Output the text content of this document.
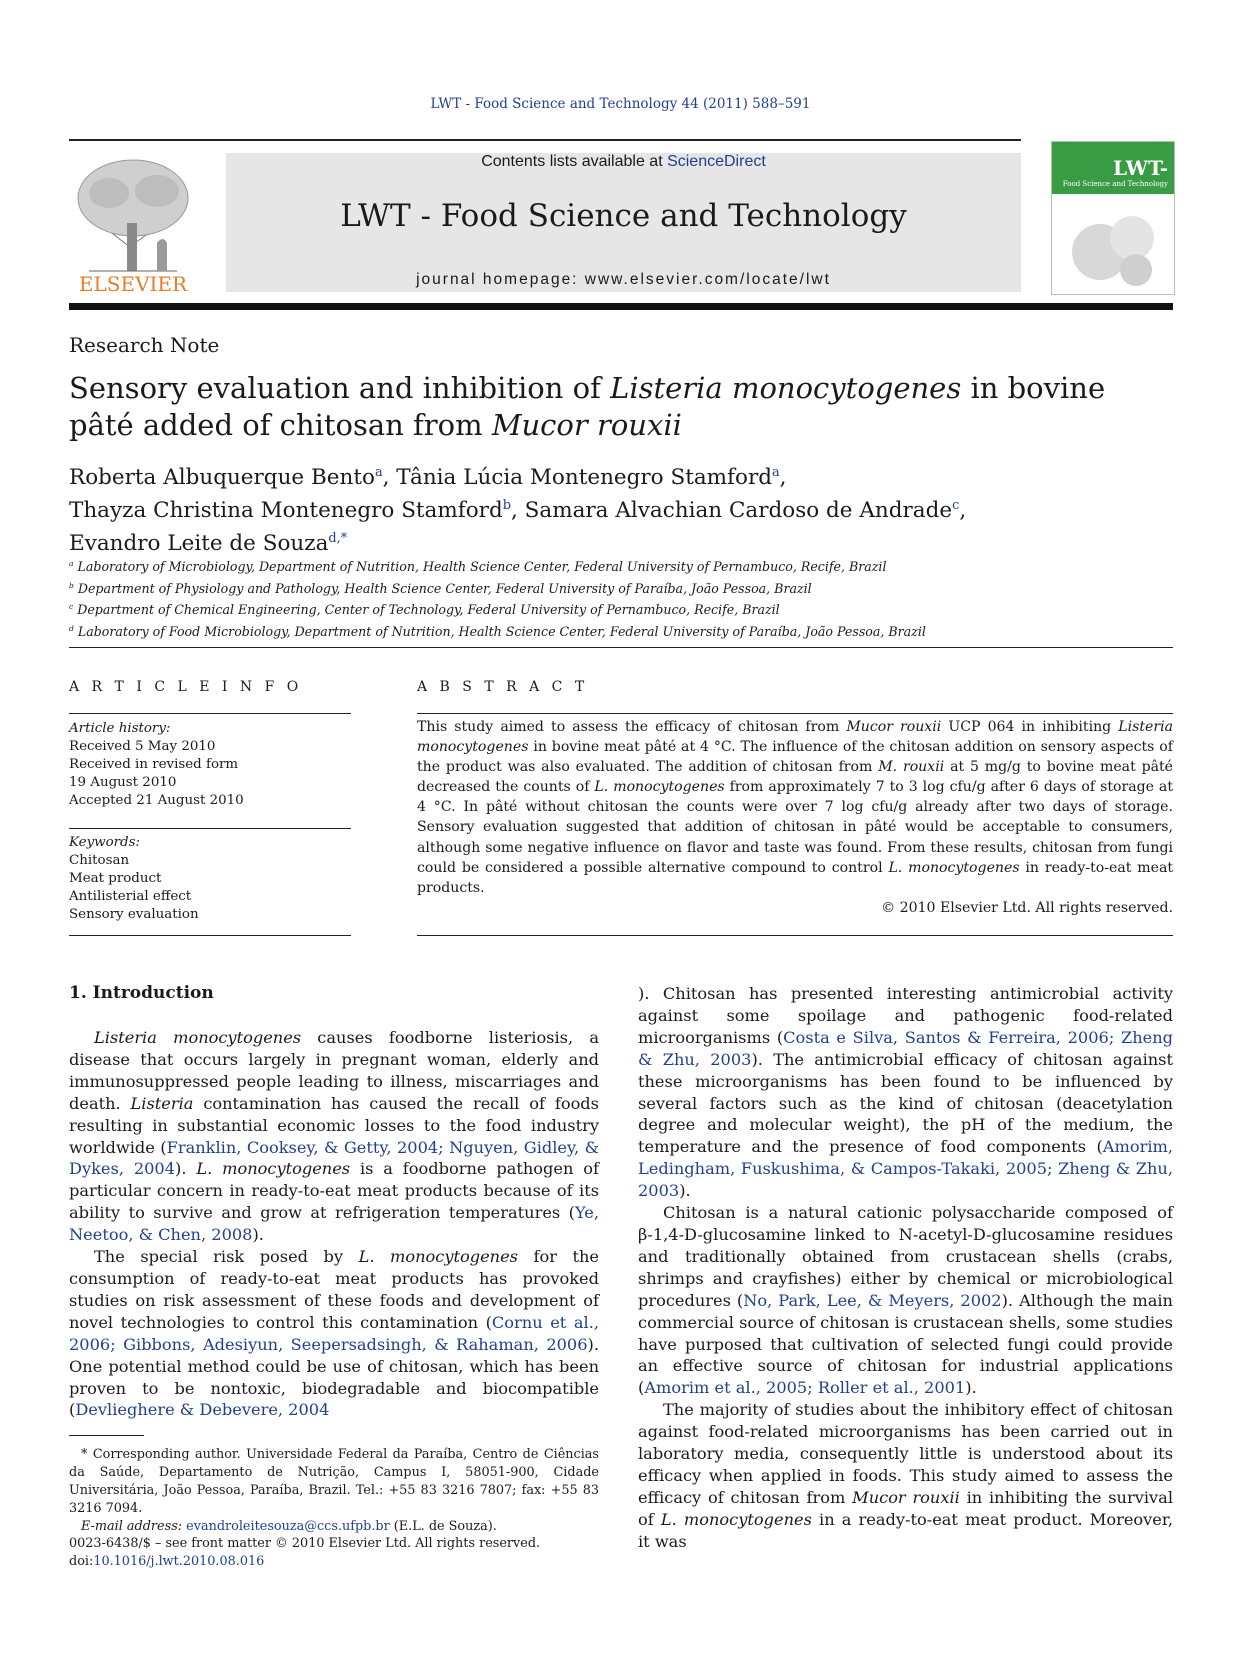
LWT - Food Science and Technology 44 (2011) 588–591
ELSEVIER
Contents lists available at ScienceDirect
LWT - Food Science and Technology
journal homepage: www.elsevier.com/locate/lwt
LWT-
Food Science and Technology
Research Note
Sensory evaluation and inhibition of Listeria monocytogenes in bovine pâté added of chitosan from Mucor rouxii
Roberta Albuquerque Bento$^a$, Tânia Lúcia Montenegro Stamford$^a$,
Thayza Christina Montenegro Stamford$^b$, Samara Alvachian Cardoso de Andrade$^c$,
Evandro Leite de Souza$^{d,*}$
$^a$ Laboratory of Microbiology, Department of Nutrition, Health Science Center, Federal University of Pernambuco, Recife, Brazil
$^b$ Department of Physiology and Pathology, Health Science Center, Federal University of Paraíba, João Pessoa, Brazil
$^c$ Department of Chemical Engineering, Center of Technology, Federal University of Pernambuco, Recife, Brazil
$^d$ Laboratory of Food Microbiology, Department of Nutrition, Health Science Center, Federal University of Paraíba, João Pessoa, Brazil
A R T I C L E I N F O
Article history:
Received 5 May 2010
Received in revised form
19 August 2010
Accepted 21 August 2010
Keywords:
Chitosan
Meat product
Antilisterial effect
Sensory evaluation
A B S T R A C T
This study aimed to assess the efficacy of chitosan from Mucor rouxii UCP 064 in inhibiting Listeria monocytogenes in bovine meat pâté at 4 °C. The influence of the chitosan addition on sensory aspects of the product was also evaluated. The addition of chitosan from M. rouxii at 5 mg/g to bovine meat pâté decreased the counts of L. monocytogenes from approximately 7 to 3 log cfu/g after 6 days of storage at 4 °C. In pâté without chitosan the counts were over 7 log cfu/g already after two days of storage. Sensory evaluation suggested that addition of chitosan in pâté would be acceptable to consumers, although some negative influence on flavor and taste was found. From these results, chitosan from fungi could be considered a possible alternative compound to control L. monocytogenes in ready-to-eat meat products.
© 2010 Elsevier Ltd. All rights reserved.
1. Introduction

Listeria monocytogenes causes foodborne listeriosis, a disease that occurs largely in pregnant woman, elderly and immunosuppressed people leading to illness, miscarriages and death. Listeria contamination has caused the recall of foods resulting in substantial economic losses to the food industry worldwide (Franklin, Cooksey, & Getty, 2004; Nguyen, Gidley, & Dykes, 2004). L. monocytogenes is a foodborne pathogen of particular concern in ready-to-eat meat products because of its ability to survive and grow at refrigeration temperatures (Ye, Neetoo, & Chen, 2008).

The special risk posed by L. monocytogenes for the consumption of ready-to-eat meat products has provoked studies on risk assessment of these foods and development of novel technologies to control this contamination (Cornu et al., 2006; Gibbons, Adesiyun, Seepersadsingh, & Rahaman, 2006). One potential method could be use of chitosan, which has been proven to be nontoxic, biodegradable and biocompatible (Devlieghere & Debevere, 2004

). Chitosan has presented interesting antimicrobial activity against some spoilage and pathogenic food-related microorganisms (Costa e Silva, Santos & Ferreira, 2006; Zheng & Zhu, 2003). The antimicrobial efficacy of chitosan against these microorganisms has been found to be influenced by several factors such as the kind of chitosan (deacetylation degree and molecular weight), the pH of the medium, the temperature and the presence of food components (Amorim, Ledingham, Fuskushima, & Campos-Takaki, 2005; Zheng & Zhu, 2003).

Chitosan is a natural cationic polysaccharide composed of β-1,4-D-glucosamine linked to N-acetyl-D-glucosamine residues and traditionally obtained from crustacean shells (crabs, shrimps and crayfishes) either by chemical or microbiological procedures (No, Park, Lee, & Meyers, 2002). Although the main commercial source of chitosan is crustacean shells, some studies have purposed that cultivation of selected fungi could provide an effective source of chitosan for industrial applications (Amorim et al., 2005; Roller et al., 2001).

The majority of studies about the inhibitory effect of chitosan against food-related microorganisms has been carried out in laboratory media, consequently little is understood about its efficacy when applied in foods. This study aimed to assess the efficacy of chitosan from Mucor rouxii in inhibiting the survival of L. monocytogenes in a ready-to-eat meat product. Moreover, it was

* Corresponding author. Universidade Federal da Paraíba, Centro de Ciências da Saúde, Departamento de Nutrição, Campus I, 58051-900, Cidade Universitária, João Pessoa, Paraíba, Brazil. Tel.: +55 83 3216 7807; fax: +55 83 3216 7094.

E-mail address: evandroleitesouza@ccs.ufpb.br (E.L. de Souza).

0023-6438/$ – see front matter © 2010 Elsevier Ltd. All rights reserved.
doi:10.1016/j.lwt.2010.08.016
